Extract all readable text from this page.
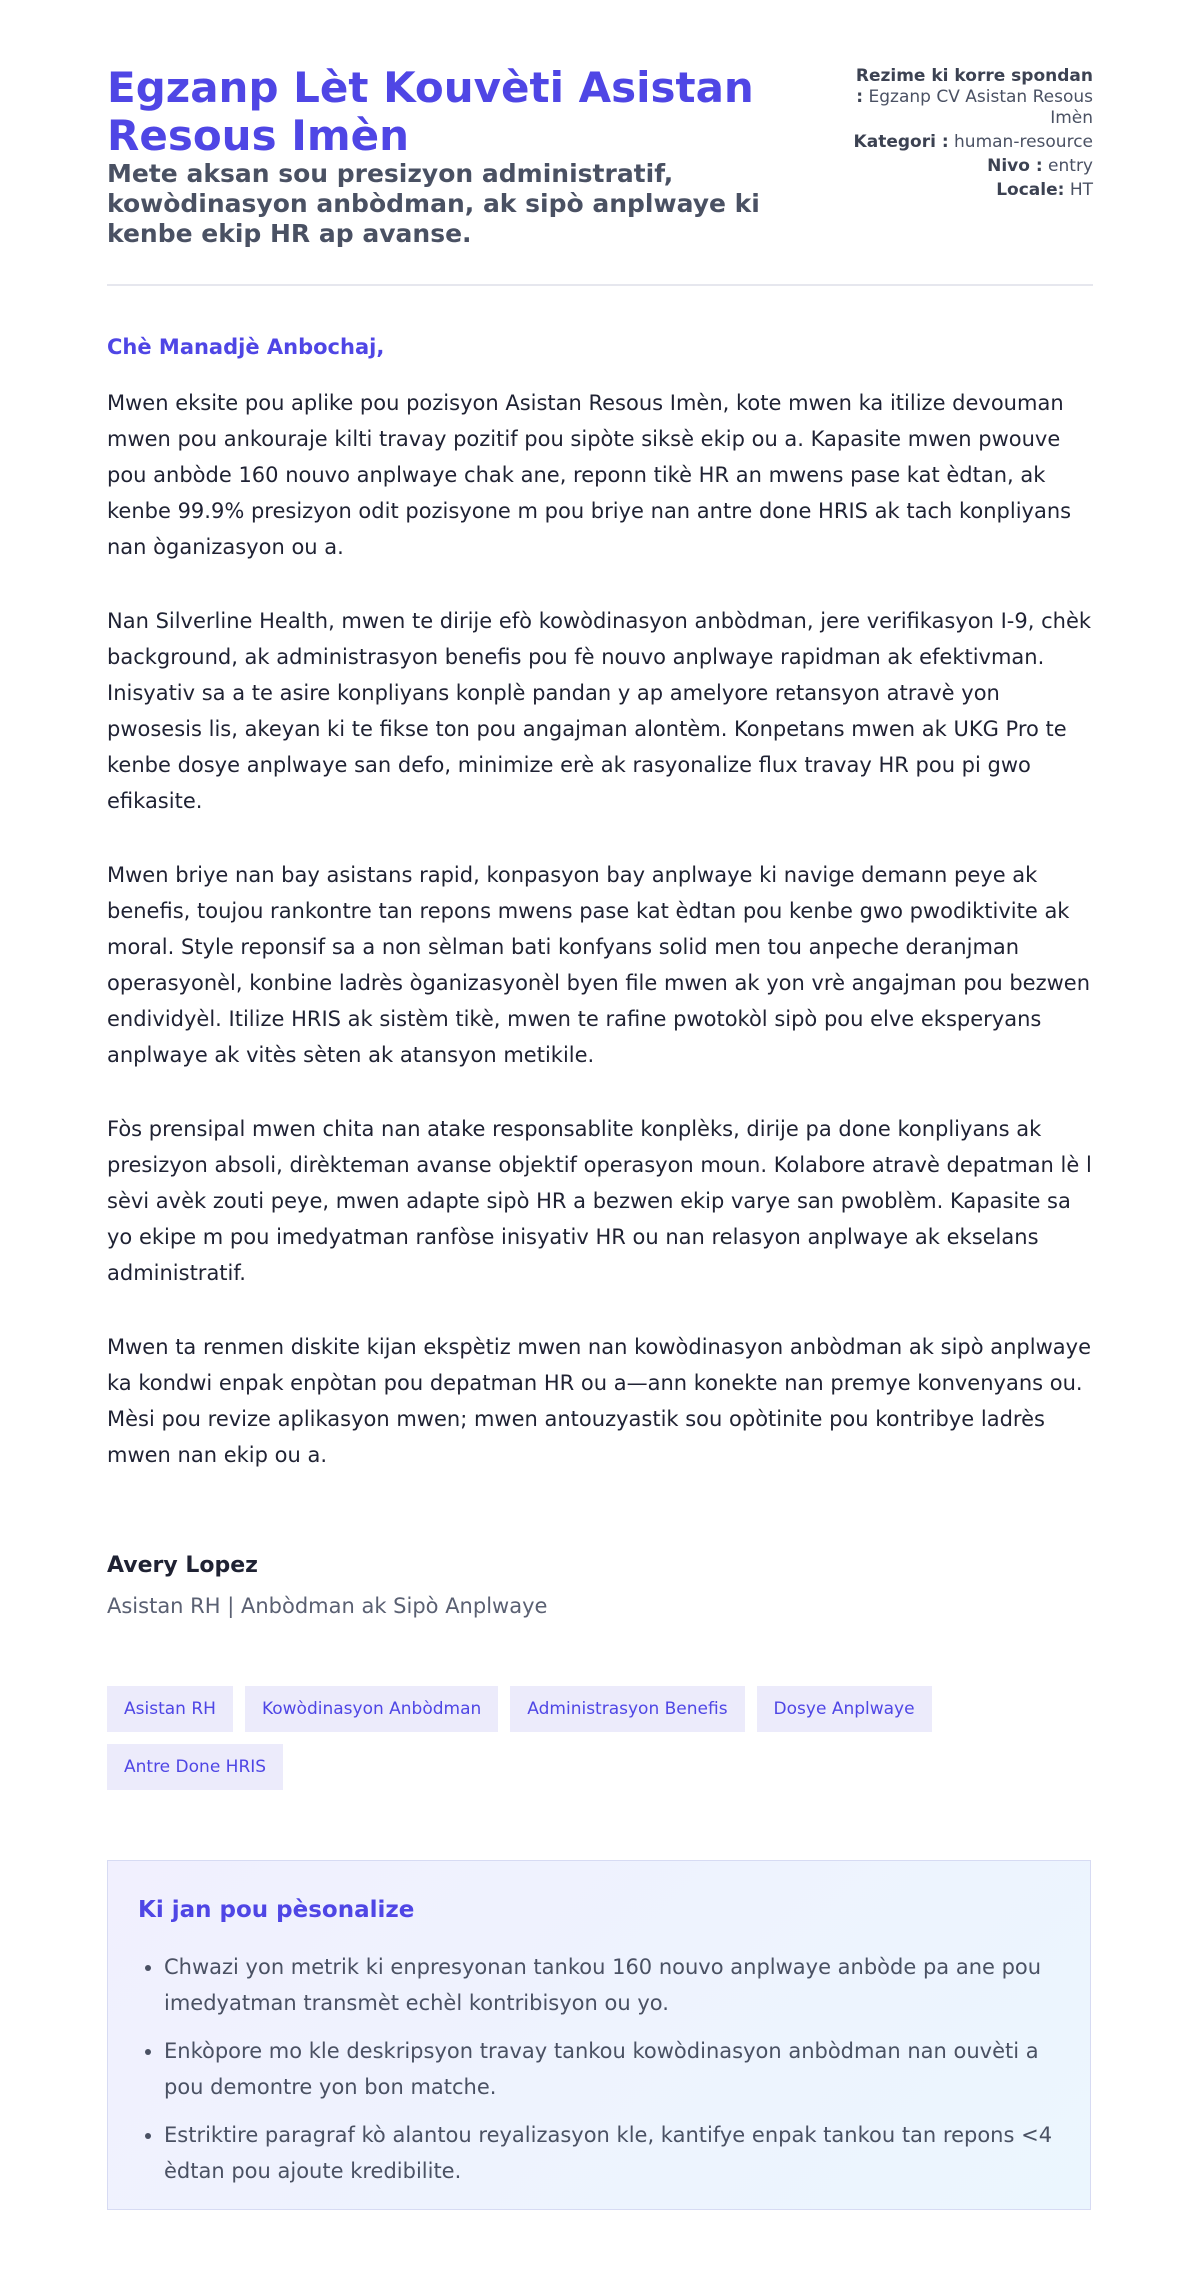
Egzanp Lèt Kouvèti Asistan Resous Imèn
Mete aksan sou presizyon administratif, kowòdinasyon anbòdman, ak sipò anplwaye ki kenbe ekip HR ap avanse.
Rezime ki korre spondan : Egzanp CV Asistan Resous Imèn
Kategori : human-resource
Nivo : entry
Locale: HT
Chè Manadjè Anbochaj,

Mwen eksite pou aplike pou pozisyon Asistan Resous Imèn, kote mwen ka itilize devouman mwen pou ankouraje kilti travay pozitif pou sipòte siksè ekip ou a. Kapasite mwen pwouve pou anbòde 160 nouvo anplwaye chak ane, reponn tikè HR an mwens pase kat èdtan, ak kenbe 99.9% presizyon odit pozisyone m pou briye nan antre done HRIS ak tach konpliyans nan òganizasyon ou a.

Nan Silverline Health, mwen te dirije efò kowòdinasyon anbòdman, jere verifikasyon I-9, chèk background, ak administrasyon benefis pou fè nouvo anplwaye rapidman ak efektivman. Inisyativ sa a te asire konpliyans konplè pandan y ap amelyore retansyon atravè yon pwosesis lis, akeyan ki te fikse ton pou angajman alontèm. Konpetans mwen ak UKG Pro te kenbe dosye anplwaye san defo, minimize erè ak rasyonalize flux travay HR pou pi gwo efikasite.

Mwen briye nan bay asistans rapid, konpasyon bay anplwaye ki navige demann peye ak benefis, toujou rankontre tan repons mwens pase kat èdtan pou kenbe gwo pwodiktivite ak moral. Style reponsif sa a non sèlman bati konfyans solid men tou anpeche deranjman operasyonèl, konbine ladrès òganizasyonèl byen file mwen ak yon vrè angajman pou bezwen endividyèl. Itilize HRIS ak sistèm tikè, mwen te rafine pwotokòl sipò pou elve eksperyans anplwaye ak vitès sèten ak atansyon metikile.

Fòs prensipal mwen chita nan atake responsablite konplèks, dirije pa done konpliyans ak presizyon absoli, dirèkteman avanse objektif operasyon moun. Kolabore atravè depatman lè l sèvi avèk zouti peye, mwen adapte sipò HR a bezwen ekip varye san pwoblèm. Kapasite sa yo ekipe m pou imedyatman ranfòse inisyativ HR ou nan relasyon anplwaye ak ekselans administratif.

Mwen ta renmen diskite kijan ekspètiz mwen nan kowòdinasyon anbòdman ak sipò anplwaye ka kondwi enpak enpòtan pou depatman HR ou a—ann konekte nan premye konvenyans ou. Mèsi pou revize aplikasyon mwen; mwen antouzyastik sou opòtinite pou kontribye ladrès mwen nan ekip ou a.

Avery Lopez
Asistan RH | Anbòdman ak Sipò Anplwaye
Asistan RH	Kowòdinasyon Anbòdman	Administrasyon Benefis	Dosye Anplwaye
Antre Done HRIS
Ki jan pou pèsonalize
• Chwazi yon metrik ki enpresyonan tankou 160 nouvo anplwaye anbòde pa ane pou imedyatman transmèt echèl kontribisyon ou yo.
• Enkòpore mo kle deskripsyon travay tankou kowòdinasyon anbòdman nan ouvèti a pou demontre yon bon matche.
• Estriktire paragraf kò alantou reyalizasyon kle, kantifye enpak tankou tan repons <4 èdtan pou ajoute kredibilite.
